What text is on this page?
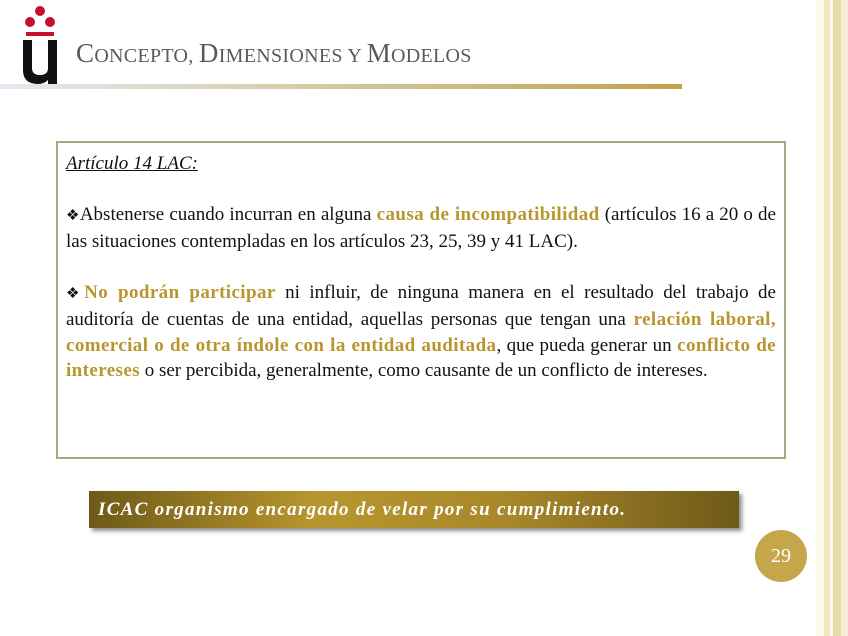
CONCEPTO, DIMENSIONES Y MODELOS
Artículo 14 LAC:

❖Abstenerse cuando incurran en alguna causa de incompatibilidad (artículos 16 a 20 o de las situaciones contempladas en los artículos 23, 25, 39 y 41 LAC).

❖No podrán participar ni influir, de ninguna manera en el resultado del trabajo de auditoría de cuentas de una entidad, aquellas personas que tengan una relación laboral, comercial o de otra índole con la entidad auditada, que pueda generar un conflicto de intereses o ser percibida, generalmente, como causante de un conflicto de intereses.

ICAC organismo encargado de velar por su cumplimiento.
29
